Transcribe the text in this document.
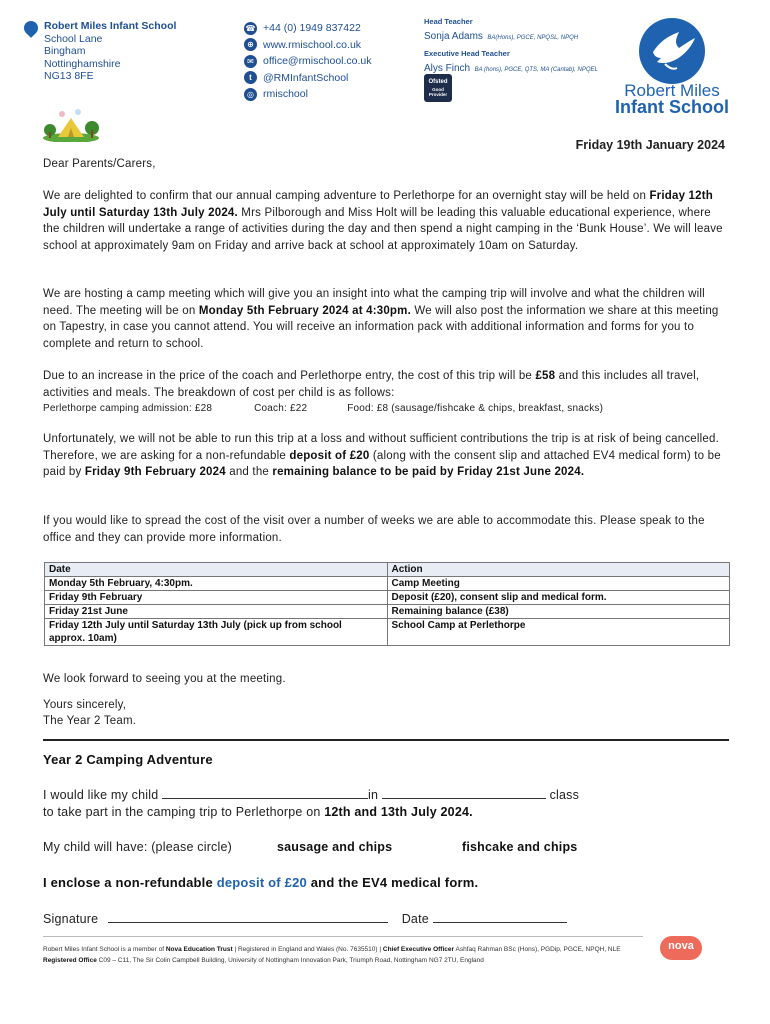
Robert Miles Infant School
School Lane
Bingham
Nottinghamshire
NG13 8FE
☎ +44 (0) 1949 837422
⊕ www.rmischool.co.uk
✉ office@rmischool.co.uk
t	@RMInfantSchool
◎ rmischool
Head Teacher
Sonja Adams BA(Hons), PGCE, NPQSL, NPQH
Executive Head Teacher
Alys Finch BA (hons), PGCE, QTS, MA (Cantab), NPQEL
Ofsted
Good
Provider	Robert Miles
Infant School
Friday 19th January 2024
Dear Parents/Carers,
We are delighted to confirm that our annual camping adventure to Perlethorpe for an overnight stay will be held on Friday 12th July until Saturday 13th July 2024. Mrs Pilborough and Miss Holt will be leading this valuable educational experience, where the children will undertake a range of activities during the day and then spend a night camping in the ‘Bunk House’. We will leave school at approximately 9am on Friday and arrive back at school at approximately 10am on Saturday.
We are hosting a camp meeting which will give you an insight into what the camping trip will involve and what the children will need. The meeting will be on Monday 5th February 2024 at 4:30pm. We will also post the information we share at this meeting on Tapestry, in case you cannot attend. You will receive an information pack with additional information and forms for you to complete and return to school.
Due to an increase in the price of the coach and Perlethorpe entry, the cost of this trip will be £58 and this includes all travel, activities and meals. The breakdown of cost per child is as follows:
Perlethorpe camping admission: £28	Coach: £22	Food: £8 (sausage/fishcake & chips, breakfast, snacks)
Unfortunately, we will not be able to run this trip at a loss and without sufficient contributions the trip is at risk of being cancelled. Therefore, we are asking for a non-refundable deposit of £20 (along with the consent slip and attached EV4 medical form) to be paid by Friday 9th February 2024 and the remaining balance to be paid by Friday 21st June 2024.
If you would like to spread the cost of the visit over a number of weeks we are able to accommodate this. Please speak to the office and they can provide more information.
Date	Action
Monday 5th February, 4:30pm.	Camp Meeting
Friday 9th February	Deposit (£20), consent slip and medical form.
Friday 21st June	Remaining balance (£38)
Friday 12th July until Saturday 13th July (pick up from school approx. 10am)	School Camp at Perlethorpe
We look forward to seeing you at the meeting.
Yours sincerely,
The Year 2 Team.
Year 2 Camping Adventure
I would like my child	in	class
to take part in the camping trip to Perlethorpe on 12th and 13th July 2024.
My child will have: (please circle)	sausage and chips	fishcake and chips
I enclose a non-refundable deposit of £20 and the EV4 medical form.
Signature	Date
Robert Miles Infant School is a member of Nova Education Trust | Registered in England and Wales (No. 7635510) | Chief Executive Officer Ashfaq Rahman BSc (Hons), PGDip, PGCE, NPQH, NLE
Registered Office C09 – C11, The Sir Colin Campbell Building, University of Nottingham Innovation Park, Triumph Road, Nottingham NG7 2TU, England
nova
